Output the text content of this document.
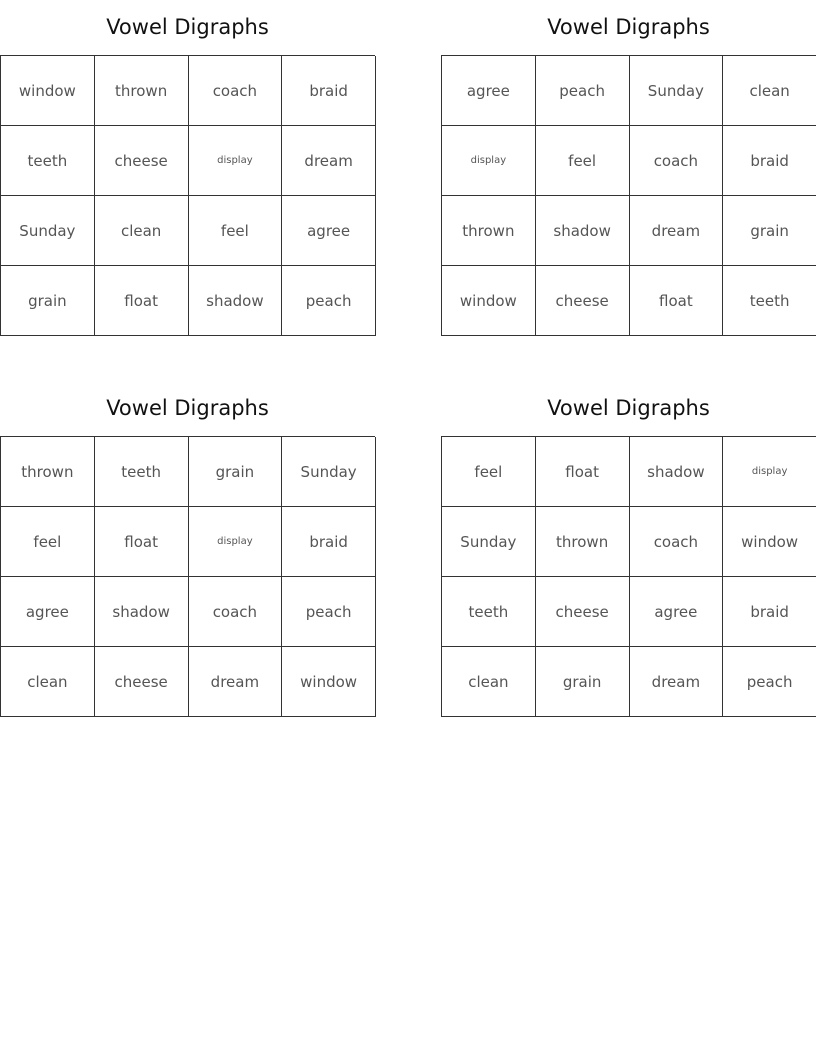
Vowel Digraphs
window	thrown	coach	braid
teeth	cheese	display	dream
Sunday	clean	feel	agree
grain	float	shadow	peach
Vowel Digraphs
agree	peach	Sunday	clean
display	feel	coach	braid
thrown	shadow	dream	grain
window	cheese	float	teeth
Vowel Digraphs
thrown	teeth	grain	Sunday
feel	float	display	braid
agree	shadow	coach	peach
clean	cheese	dream	window
Vowel Digraphs
feel	float	shadow	display
Sunday	thrown	coach	window
teeth	cheese	agree	braid
clean	grain	dream	peach
